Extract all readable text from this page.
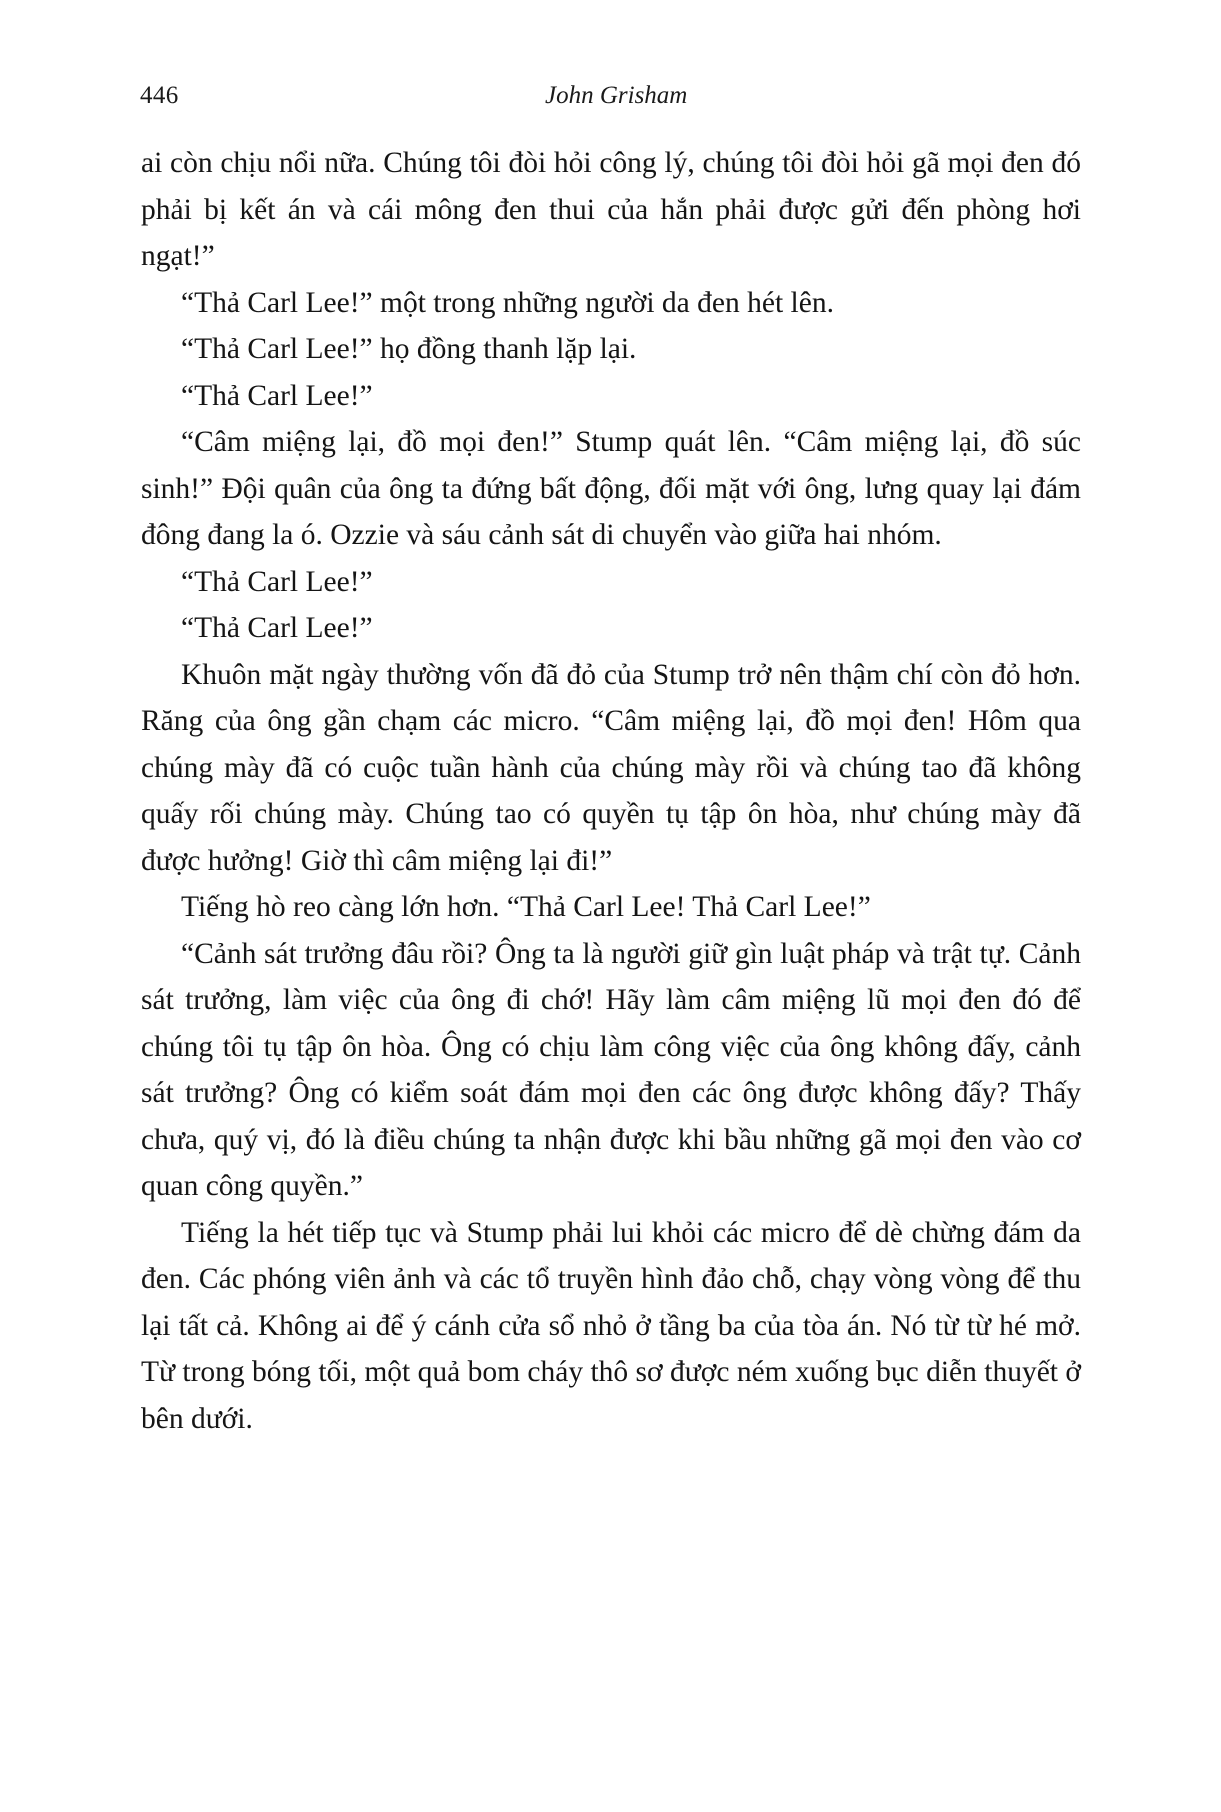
446	John Grisham

ai còn chịu nổi nữa. Chúng tôi đòi hỏi công lý, chúng tôi đòi hỏi gã mọi đen đó phải bị kết án và cái mông đen thui của hắn phải được gửi đến phòng hơi ngạt!”

“Thả Carl Lee!” một trong những người da đen hét lên.

“Thả Carl Lee!” họ đồng thanh lặp lại.

“Thả Carl Lee!”

“Câm miệng lại, đồ mọi đen!” Stump quát lên. “Câm miệng lại, đồ súc sinh!” Đội quân của ông ta đứng bất động, đối mặt với ông, lưng quay lại đám đông đang la ó. Ozzie và sáu cảnh sát di chuyển vào giữa hai nhóm.

“Thả Carl Lee!”

“Thả Carl Lee!”

Khuôn mặt ngày thường vốn đã đỏ của Stump trở nên thậm chí còn đỏ hơn. Răng của ông gần chạm các micro. “Câm miệng lại, đồ mọi đen! Hôm qua chúng mày đã có cuộc tuần hành của chúng mày rồi và chúng tao đã không quấy rối chúng mày. Chúng tao có quyền tụ tập ôn hòa, như chúng mày đã được hưởng! Giờ thì câm miệng lại đi!”

Tiếng hò reo càng lớn hơn. “Thả Carl Lee! Thả Carl Lee!”

“Cảnh sát trưởng đâu rồi? Ông ta là người giữ gìn luật pháp và trật tự. Cảnh sát trưởng, làm việc của ông đi chớ! Hãy làm câm miệng lũ mọi đen đó để chúng tôi tụ tập ôn hòa. Ông có chịu làm công việc của ông không đấy, cảnh sát trưởng? Ông có kiểm soát đám mọi đen các ông được không đấy? Thấy chưa, quý vị, đó là điều chúng ta nhận được khi bầu những gã mọi đen vào cơ quan công quyền.”

Tiếng la hét tiếp tục và Stump phải lui khỏi các micro để dè chừng đám da đen. Các phóng viên ảnh và các tổ truyền hình đảo chỗ, chạy vòng vòng để thu lại tất cả. Không ai để ý cánh cửa sổ nhỏ ở tầng ba của tòa án. Nó từ từ hé mở. Từ trong bóng tối, một quả bom cháy thô sơ được ném xuống bục diễn thuyết ở bên dưới.
